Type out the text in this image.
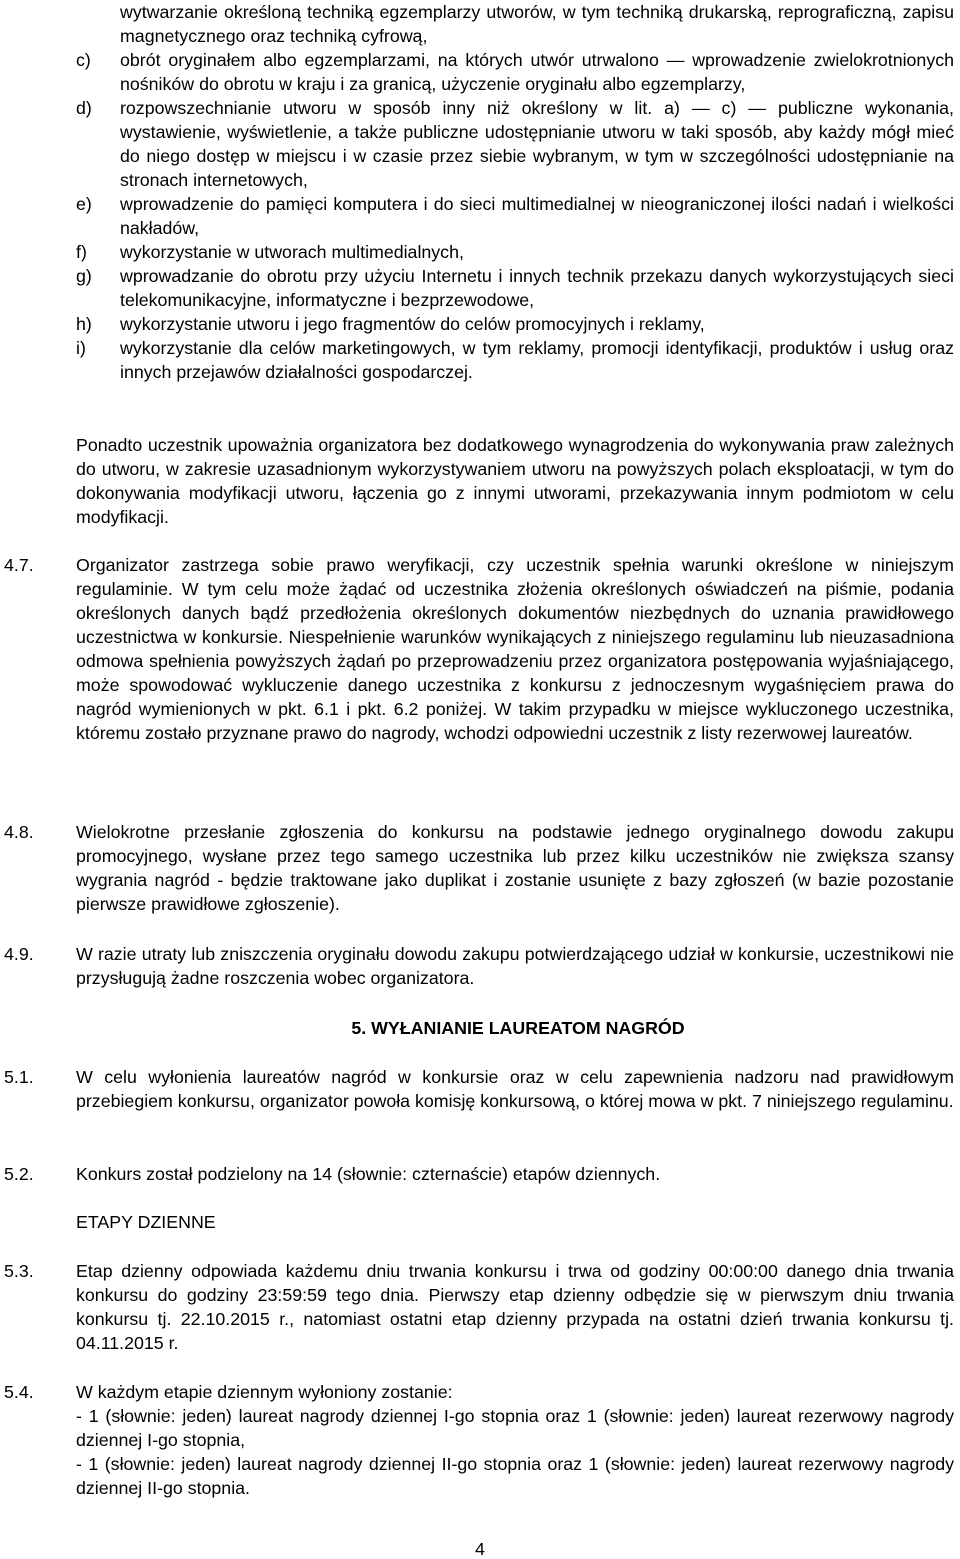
wytwarzanie określoną techniką egzemplarzy utworów, w tym techniką drukarską, reprograficzną, zapisu magnetycznego oraz techniką cyfrową,
c) obrót oryginałem albo egzemplarzami, na których utwór utrwalono — wprowadzenie zwielokrotnionych nośników do obrotu w kraju i za granicą, użyczenie oryginału albo egzemplarzy,
d) rozpowszechnianie utworu w sposób inny niż określony w lit. a) — c) — publiczne wykonania, wystawienie, wyświetlenie, a także publiczne udostępnianie utworu w taki sposób, aby każdy mógł mieć do niego dostęp w miejscu i w czasie przez siebie wybranym, w tym w szczególności udostępnianie na stronach internetowych,
e) wprowadzenie do pamięci komputera i do sieci multimedialnej w nieograniczonej ilości nadań i wielkości nakładów,
f) wykorzystanie w utworach multimedialnych,
g) wprowadzanie do obrotu przy użyciu Internetu i innych technik przekazu danych wykorzystujących sieci telekomunikacyjne, informatyczne i bezprzewodowe,
h) wykorzystanie utworu i jego fragmentów do celów promocyjnych i reklamy,
i) wykorzystanie dla celów marketingowych, w tym reklamy, promocji identyfikacji, produktów i usług oraz innych przejawów działalności gospodarczej.
Ponadto uczestnik upoważnia organizatora bez dodatkowego wynagrodzenia do wykonywania praw zależnych do utworu, w zakresie uzasadnionym wykorzystywaniem utworu na powyższych polach eksploatacji, w tym do dokonywania modyfikacji utworu, łączenia go z innymi utworami, przekazywania innym podmiotom w celu modyfikacji.
4.7. Organizator zastrzega sobie prawo weryfikacji, czy uczestnik spełnia warunki określone w niniejszym regulaminie. W tym celu może żądać od uczestnika złożenia określonych oświadczeń na piśmie, podania określonych danych bądź przedłożenia określonych dokumentów niezbędnych do uznania prawidłowego uczestnictwa w konkursie. Niespełnienie warunków wynikających z niniejszego regulaminu lub nieuzasadniona odmowa spełnienia powyższych żądań po przeprowadzeniu przez organizatora postępowania wyjaśniającego, może spowodować wykluczenie danego uczestnika z konkursu z jednoczesnym wygaśnięciem prawa do nagród wymienionych w pkt. 6.1 i pkt. 6.2 poniżej. W takim przypadku w miejsce wykluczonego uczestnika, któremu zostało przyznane prawo do nagrody, wchodzi odpowiedni uczestnik z listy rezerwowej laureatów.
4.8. Wielokrotne przesłanie zgłoszenia do konkursu na podstawie jednego oryginalnego dowodu zakupu promocyjnego, wysłane przez tego samego uczestnika lub przez kilku uczestników nie zwiększa szansy wygrania nagród - będzie traktowane jako duplikat i zostanie usunięte z bazy zgłoszeń (w bazie pozostanie pierwsze prawidłowe zgłoszenie).
4.9. W razie utraty lub zniszczenia oryginału dowodu zakupu potwierdzającego udział w konkursie, uczestnikowi nie przysługują żadne roszczenia wobec organizatora.
5. WYŁANIANIE LAUREATOM NAGRÓD
5.1. W celu wyłonienia laureatów nagród w konkursie oraz w celu zapewnienia nadzoru nad prawidłowym przebiegiem konkursu, organizator powoła komisję konkursową, o której mowa w pkt. 7 niniejszego regulaminu.
5.2. Konkurs został podzielony na 14 (słownie: czternaście) etapów dziennych.
ETAPY DZIENNE
5.3. Etap dzienny odpowiada każdemu dniu trwania konkursu i trwa od godziny 00:00:00 danego dnia trwania konkursu do godziny 23:59:59 tego dnia. Pierwszy etap dzienny odbędzie się w pierwszym dniu trwania konkursu tj. 22.10.2015 r., natomiast ostatni etap dzienny przypada na ostatni dzień trwania konkursu tj. 04.11.2015 r.
5.4. W każdym etapie dziennym wyłoniony zostanie:
- 1 (słownie: jeden) laureat nagrody dziennej I-go stopnia oraz 1 (słownie: jeden) laureat rezerwowy nagrody dziennej I-go stopnia,
- 1 (słownie: jeden) laureat nagrody dziennej II-go stopnia oraz 1 (słownie: jeden) laureat rezerwowy nagrody dziennej II-go stopnia.
4
